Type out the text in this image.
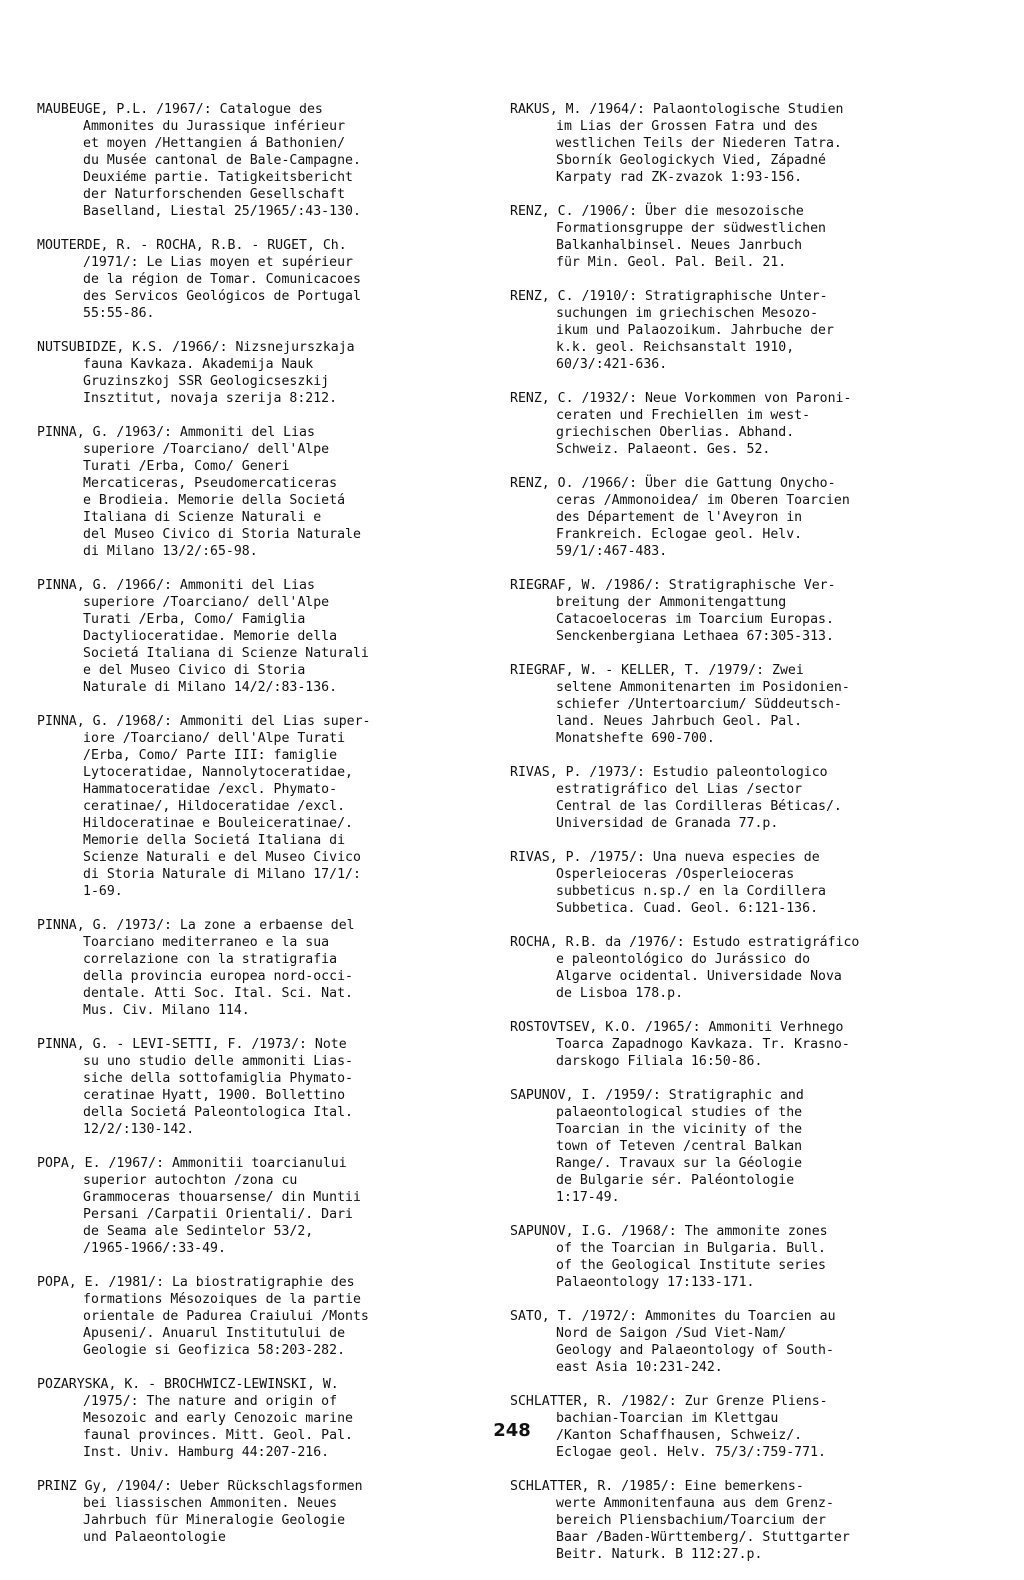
MAUBEUGE, P.L. /1967/: Catalogue des
Ammonites du Jurassique inférieur
et moyen /Hettangien á Bathonien/
du Musée cantonal de Bale-Campagne.
Deuxiéme partie. Tatigkeitsbericht
der Naturforschenden Gesellschaft
Baselland, Liestal 25/1965/:43-130.
MOUTERDE, R. - ROCHA, R.B. - RUGET, Ch.
/1971/: Le Lias moyen et supérieur
de la région de Tomar. Comunicacoes
des Servicos Geológicos de Portugal
55:55-86.
NUTSUBIDZE, K.S. /1966/: Nizsnejurszkaja
fauna Kavkaza. Akademija Nauk
Gruzinszkoj SSR Geologicseszkij
Insztitut, novaja szerija 8:212.
PINNA, G. /1963/: Ammoniti del Lias
superiore /Toarciano/ dell'Alpe
Turati /Erba, Como/ Generi
Mercaticeras, Pseudomercaticeras
e Brodieia. Memorie della Societá
Italiana di Scienze Naturali e
del Museo Civico di Storia Naturale
di Milano 13/2/:65-98.
PINNA, G. /1966/: Ammoniti del Lias
superiore /Toarciano/ dell'Alpe
Turati /Erba, Como/ Famiglia
Dactylioceratidae. Memorie della
Societá Italiana di Scienze Naturali
e del Museo Civico di Storia
Naturale di Milano 14/2/:83-136.
PINNA, G. /1968/: Ammoniti del Lias super-
iore /Toarciano/ dell'Alpe Turati
/Erba, Como/ Parte III: famiglie
Lytoceratidae, Nannolytoceratidae,
Hammatoceratidae /excl. Phymato-
ceratinae/, Hildoceratidae /excl.
Hildoceratinae e Bouleiceratinae/.
Memorie della Societá Italiana di
Scienze Naturali e del Museo Civico
di Storia Naturale di Milano 17/1/:
1-69.
PINNA, G. /1973/: La zone a erbaense del
Toarciano mediterraneo e la sua
correlazione con la stratigrafia
della provincia europea nord-occi-
dentale. Atti Soc. Ital. Sci. Nat.
Mus. Civ. Milano 114.
PINNA, G. - LEVI-SETTI, F. /1973/: Note
su uno studio delle ammoniti Lias-
siche della sottofamiglia Phymato-
ceratinae Hyatt, 1900. Bollettino
della Societá Paleontologica Ital.
12/2/:130-142.
POPA, E. /1967/: Ammonitii toarcianului
superior autochton /zona cu
Grammoceras thouarsense/ din Muntii
Persani /Carpatii Orientali/. Dari
de Seama ale Sedintelor 53/2,
/1965-1966/:33-49.
POPA, E. /1981/: La biostratigraphie des
formations Mésozoiques de la partie
orientale de Padurea Craiului /Monts
Apuseni/. Anuarul Institutului de
Geologie si Geofizica 58:203-282.
POZARYSKA, K. - BROCHWICZ-LEWINSKI, W.
/1975/: The nature and origin of
Mesozoic and early Cenozoic marine
faunal provinces. Mitt. Geol. Pal.
Inst. Univ. Hamburg 44:207-216.
PRINZ Gy, /1904/: Ueber Rückschlagsformen
bei liassischen Ammoniten. Neues
Jahrbuch für Mineralogie Geologie
und Palaeontologie
RAKUS, M. /1964/: Palaontologische Studien
im Lias der Grossen Fatra und des
westlichen Teils der Niederen Tatra.
Sborník Geologickych Vied, Západné
Karpaty rad ZK-zvazok 1:93-156.
RENZ, C. /1906/: Über die mesozoische
Formationsgruppe der südwestlichen
Balkanhalbinsel. Neues Janrbuch
für Min. Geol. Pal. Beil. 21.
RENZ, C. /1910/: Stratigraphische Unter-
suchungen im griechischen Mesozo-
ikum und Palaozoikum. Jahrbuche der
k.k. geol. Reichsanstalt 1910,
60/3/:421-636.
RENZ, C. /1932/: Neue Vorkommen von Paroni-
ceraten und Frechiellen im west-
griechischen Oberlias. Abhand.
Schweiz. Palaeont. Ges. 52.
RENZ, O. /1966/: Über die Gattung Onycho-
ceras /Ammonoidea/ im Oberen Toarcien
des Département de l'Aveyron in
Frankreich. Eclogae geol. Helv.
59/1/:467-483.
RIEGRAF, W. /1986/: Stratigraphische Ver-
breitung der Ammonitengattung
Catacoeloceras im Toarcium Europas.
Senckenbergiana Lethaea 67:305-313.
RIEGRAF, W. - KELLER, T. /1979/: Zwei
seltene Ammonitenarten im Posidonien-
schiefer /Untertoarcium/ Süddeutsch-
land. Neues Jahrbuch Geol. Pal.
Monatshefte 690-700.
RIVAS, P. /1973/: Estudio paleontologico
estratigráfico del Lias /sector
Central de las Cordilleras Béticas/.
Universidad de Granada 77.p.
RIVAS, P. /1975/: Una nueva especies de
Osperleioceras /Osperleioceras
subbeticus n.sp./ en la Cordillera
Subbetica. Cuad. Geol. 6:121-136.
ROCHA, R.B. da /1976/: Estudo estratigráfico
e paleontológico do Jurássico do
Algarve ocidental. Universidade Nova
de Lisboa 178.p.
ROSTOVTSEV, K.O. /1965/: Ammoniti Verhnego
Toarca Zapadnogo Kavkaza. Tr. Krasno-
darskogo Filiala 16:50-86.
SAPUNOV, I. /1959/: Stratigraphic and
palaeontological studies of the
Toarcian in the vicinity of the
town of Teteven /central Balkan
Range/. Travaux sur la Géologie
de Bulgarie sér. Paléontologie
1:17-49.
SAPUNOV, I.G. /1968/: The ammonite zones
of the Toarcian in Bulgaria. Bull.
of the Geological Institute series
Palaeontology 17:133-171.
SATO, T. /1972/: Ammonites du Toarcien au
Nord de Saigon /Sud Viet-Nam/
Geology and Palaeontology of South-
east Asia 10:231-242.
SCHLATTER, R. /1982/: Zur Grenze Pliens-
bachian-Toarcian im Klettgau
/Kanton Schaffhausen, Schweiz/.
Eclogae geol. Helv. 75/3/:759-771.
SCHLATTER, R. /1985/: Eine bemerkens-
werte Ammonitenfauna aus dem Grenz-
bereich Pliensbachium/Toarcium der
Baar /Baden-Württemberg/. Stuttgarter
Beitr. Naturk. B 112:27.p.
248
